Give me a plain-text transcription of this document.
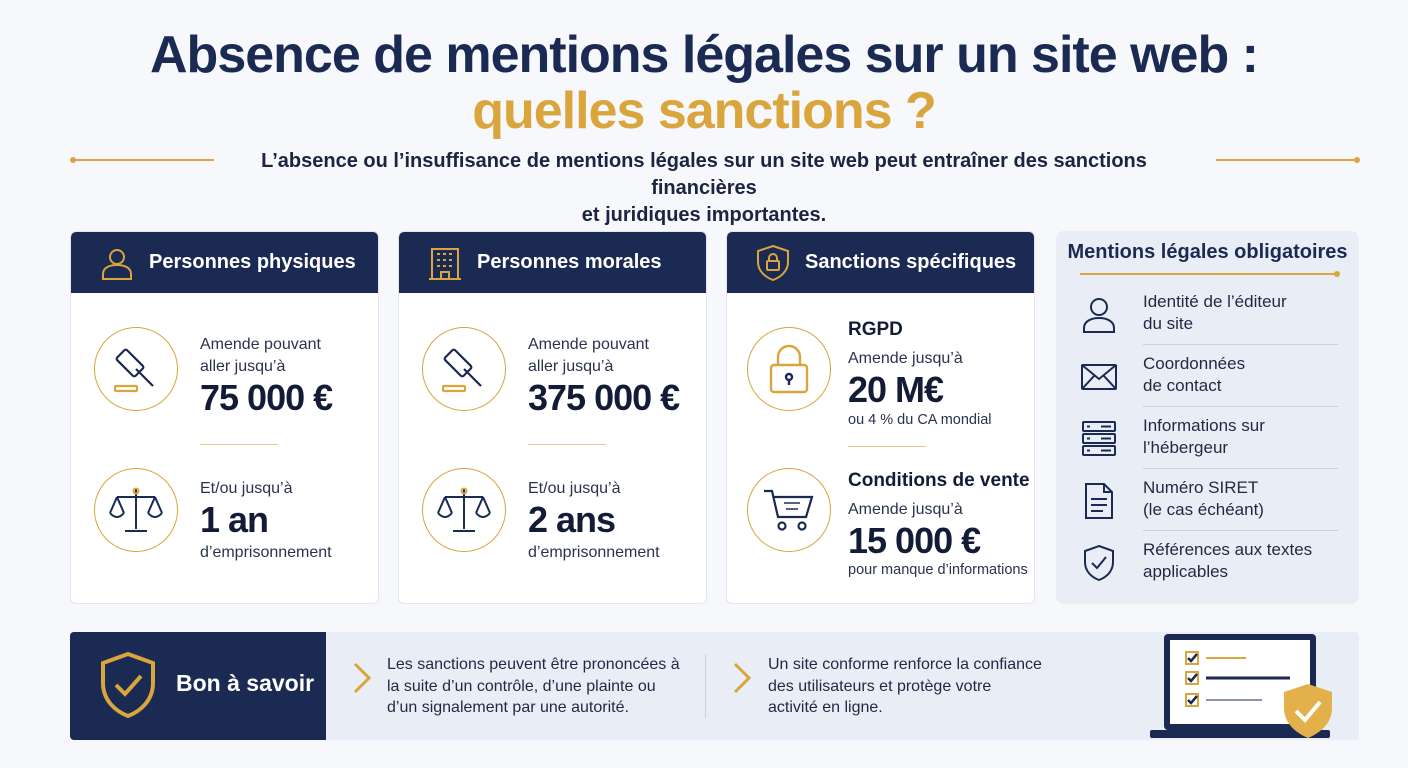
Absence de mentions légales sur un site web :
quelles sanctions ?
L’absence ou l’insuffisance de mentions légales sur un site web peut entraîner des sanctions financières
et juridiques importantes.
Personnes physiques
Amende pouvant
aller jusqu’à
75 000 €
Et/ou jusqu’à
1 an
d’emprisonnement
Personnes morales
Amende pouvant
aller jusqu’à
375 000 €
Et/ou jusqu’à
2 ans
d’emprisonnement
Sanctions spécifiques
RGPD
Amende jusqu’à
20 M€
ou 4 % du CA mondial
Conditions de vente
Amende jusqu’à
15 000 €
pour manque d’informations
Mentions légales obligatoires
Identité de l’éditeur
du site
Coordonnées
de contact
Informations sur
l’hébergeur
Numéro SIRET
(le cas échéant)
Références aux textes
applicables
Bon à savoir
Les sanctions peuvent être prononcées à
la suite d’un contrôle, d’une plainte ou
d’un signalement par une autorité.
Un site conforme renforce la confiance
des utilisateurs et protège votre
activité en ligne.
